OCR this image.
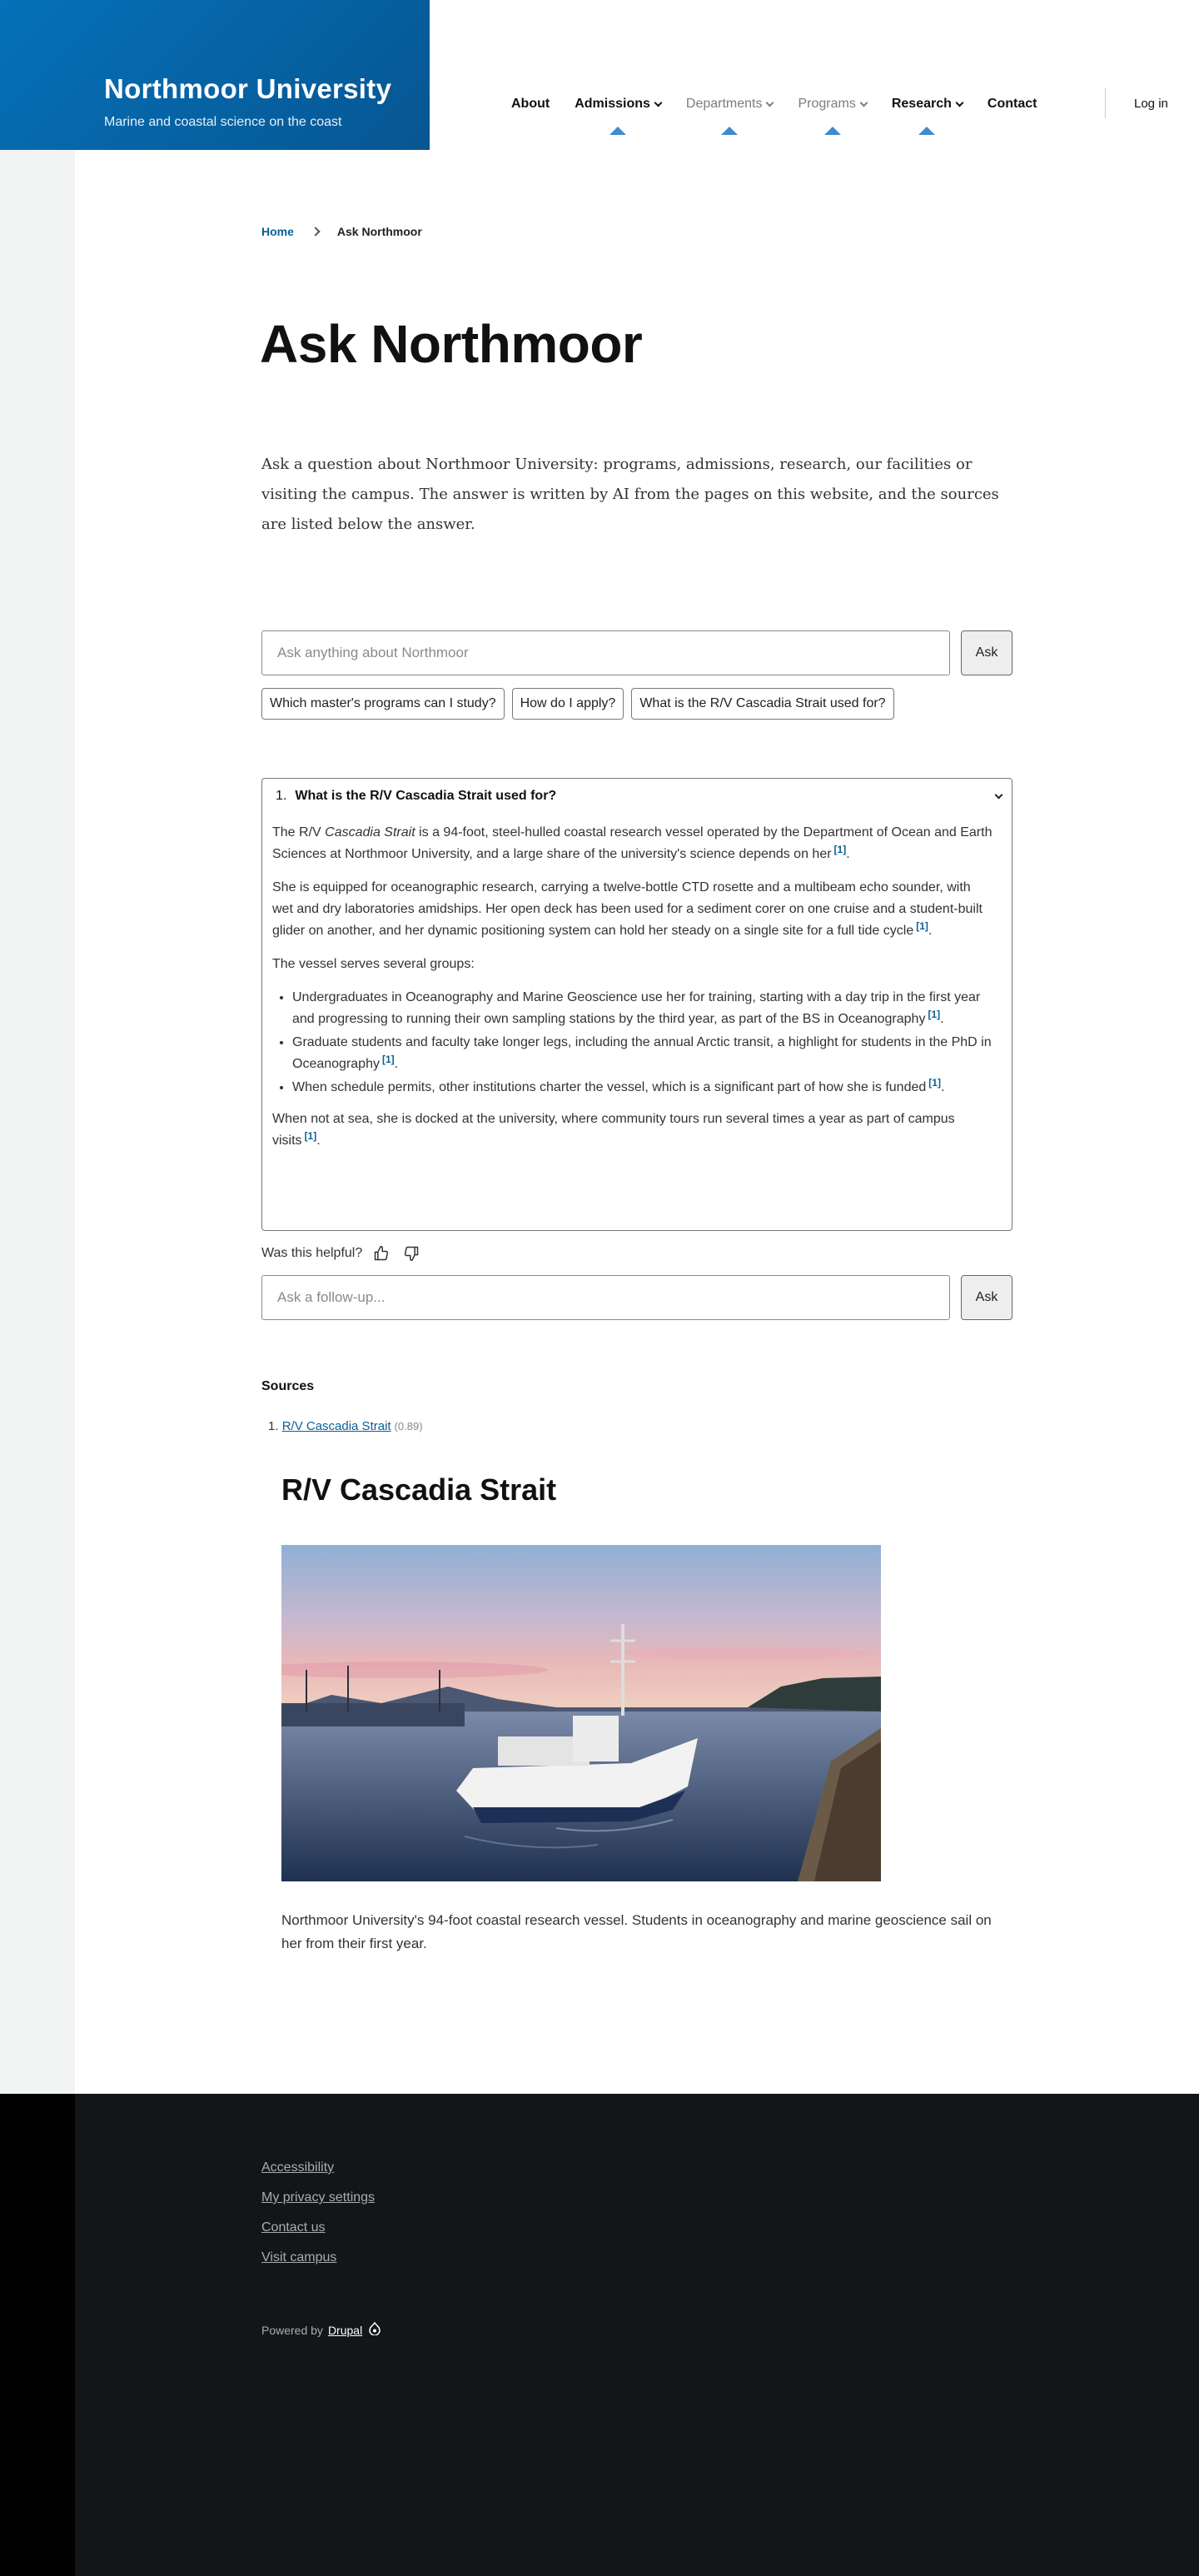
Northmoor University
Marine and coastal science on the coast
About Admissions	Departments	Programs	Research	Contact	Log in
Home	Ask Northmoor
Ask Northmoor

Ask a question about Northmoor University: programs, admissions, research, our facilities or visiting the campus. The answer is written by AI from the pages on this website, and the sources are listed below the answer.

Ask anything about Northmoor
Ask
Which master's programs can I study?	How do I apply?	What is the R/V Cascadia Strait used for?
1. What is the R/V Cascadia Strait used for?

The R/V Cascadia Strait is a 94-foot, steel-hulled coastal research vessel operated by the Department of Ocean and Earth Sciences at Northmoor University, and a large share of the university's science depends on her [1].

She is equipped for oceanographic research, carrying a twelve-bottle CTD rosette and a multibeam echo sounder, with wet and dry laboratories amidships. Her open deck has been used for a sediment corer on one cruise and a student-built glider on another, and her dynamic positioning system can hold her steady on a single site for a full tide cycle [1].

The vessel serves several groups:

• Undergraduates in Oceanography and Marine Geoscience use her for training, starting with a day trip in the first year and progressing to running their own sampling stations by the third year, as part of the BS in Oceanography [1].
• Graduate students and faculty take longer legs, including the annual Arctic transit, a highlight for students in the PhD in Oceanography [1].
• When schedule permits, other institutions charter the vessel, which is a significant part of how she is funded [1].

When not at sea, she is docked at the university, where community tours run several times a year as part of campus visits [1].

Was this helpful?
Ask a follow-up...
Ask
Sources
1. R/V Cascadia Strait (0.89)
R/V Cascadia Strait

Northmoor University's 94-foot coastal research vessel. Students in oceanography and marine geoscience sail on her from their first year.

Accessibility
My privacy settings
Contact us
Visit campus
Powered by Drupal
